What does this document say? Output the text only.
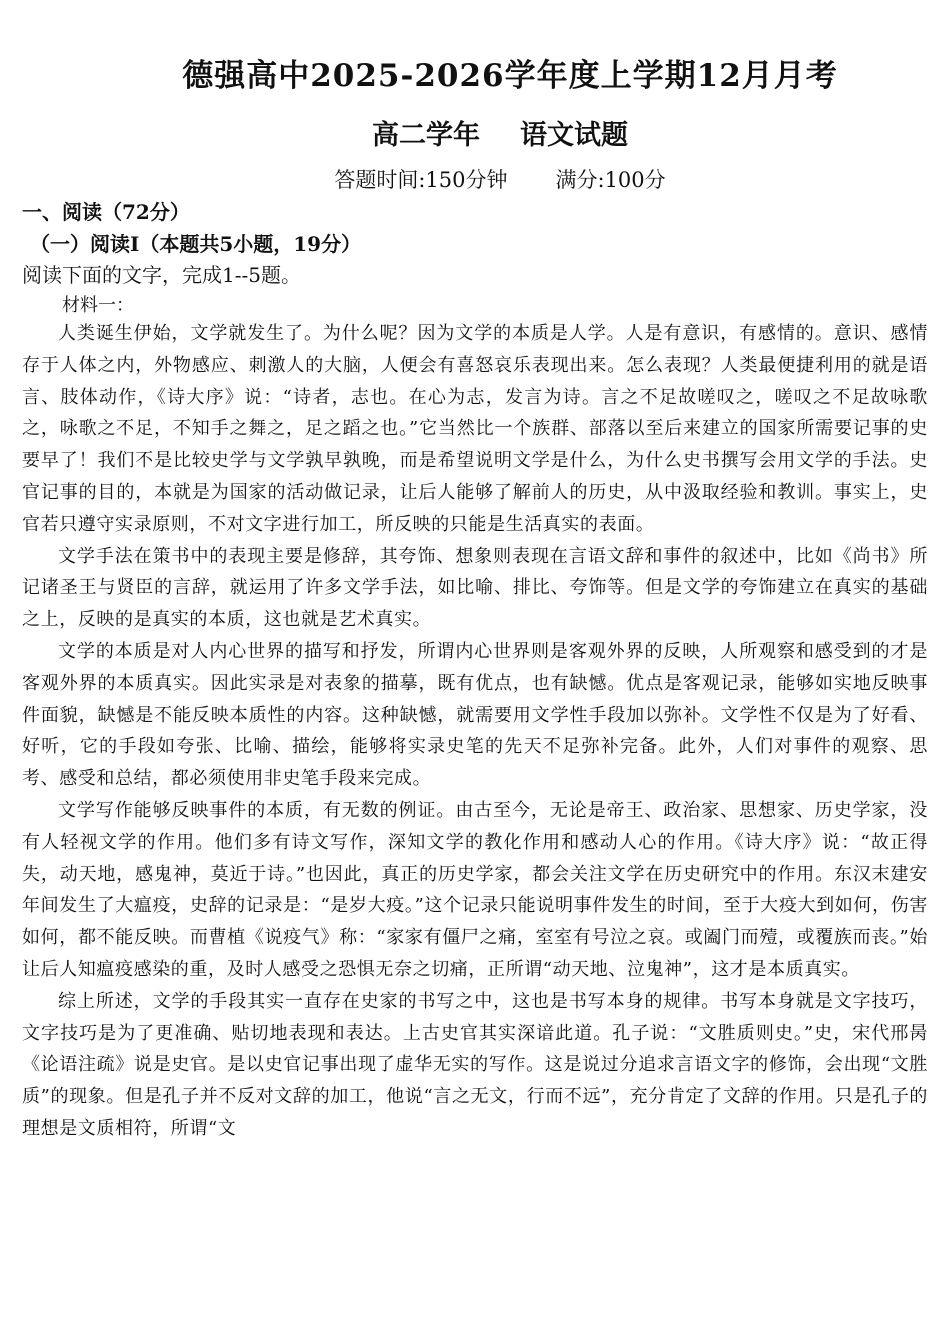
德强高中2025-2026学年度上学期12月月考
高二学年 语文试题
答题时间:150分钟 满分:100分
一、阅读（72分）
（一）阅读Ⅰ（本题共5小题，19分）
阅读下面的文字，完成1--5题。
材料一：

人类诞生伊始，文学就发生了。为什么呢？因为文学的本质是人学。人是有意识，有感情的。意识、感情存于人体之内，外物感应、刺激人的大脑，人便会有喜怒哀乐表现出来。怎么表现？人类最便捷利用的就是语言、肢体动作，《诗大序》说：“诗者，志也。在心为志，发言为诗。言之不足故嗟叹之，嗟叹之不足故咏歌之，咏歌之不足，不知手之舞之，足之蹈之也。”它当然比一个族群、部落以至后来建立的国家所需要记事的史要早了！我们不是比较史学与文学孰早孰晚，而是希望说明文学是什么，为什么史书撰写会用文学的手法。史官记事的目的，本就是为国家的活动做记录，让后人能够了解前人的历史，从中汲取经验和教训。事实上，史官若只遵守实录原则，不对文字进行加工，所反映的只能是生活真实的表面。

文学手法在策书中的表现主要是修辞，其夸饰、想象则表现在言语文辞和事件的叙述中，比如《尚书》所记诸圣王与贤臣的言辞，就运用了许多文学手法，如比喻、排比、夸饰等。但是文学的夸饰建立在真实的基础之上，反映的是真实的本质，这也就是艺术真实。

文学的本质是对人内心世界的描写和抒发，所谓内心世界则是客观外界的反映，人所观察和感受到的才是客观外界的本质真实。因此实录是对表象的描摹，既有优点，也有缺憾。优点是客观记录，能够如实地反映事件面貌，缺憾是不能反映本质性的内容。这种缺憾，就需要用文学性手段加以弥补。文学性不仅是为了好看、好听，它的手段如夸张、比喻、描绘，能够将实录史笔的先天不足弥补完备。此外，人们对事件的观察、思考、感受和总结，都必须使用非史笔手段来完成。

文学写作能够反映事件的本质，有无数的例证。由古至今，无论是帝王、政治家、思想家、历史学家，没有人轻视文学的作用。他们多有诗文写作，深知文学的教化作用和感动人心的作用。《诗大序》说：“故正得失，动天地，感鬼神，莫近于诗。”也因此，真正的历史学家，都会关注文学在历史研究中的作用。东汉末建安年间发生了大瘟疫，史辞的记录是：“是岁大疫。”这个记录只能说明事件发生的时间，至于大疫大到如何，伤害如何，都不能反映。而曹植《说疫气》称：“家家有僵尸之痛，室室有号泣之哀。或阖门而殪，或覆族而丧。”始让后人知瘟疫感染的重，及时人感受之恐惧无奈之切痛，正所谓“动天地、泣鬼神”，这才是本质真实。

综上所述，文学的手段其实一直存在史家的书写之中，这也是书写本身的规律。书写本身就是文字技巧，文字技巧是为了更准确、贴切地表现和表达。上古史官其实深谙此道。孔子说：“文胜质则史。”史，宋代邢昺《论语注疏》说是史官。是以史官记事出现了虚华无实的写作。这是说过分追求言语文字的修饰，会出现“文胜质”的现象。但是孔子并不反对文辞的加工，他说“言之无文，行而不远”，充分肯定了文辞的作用。只是孔子的理想是文质相符，所谓“文
